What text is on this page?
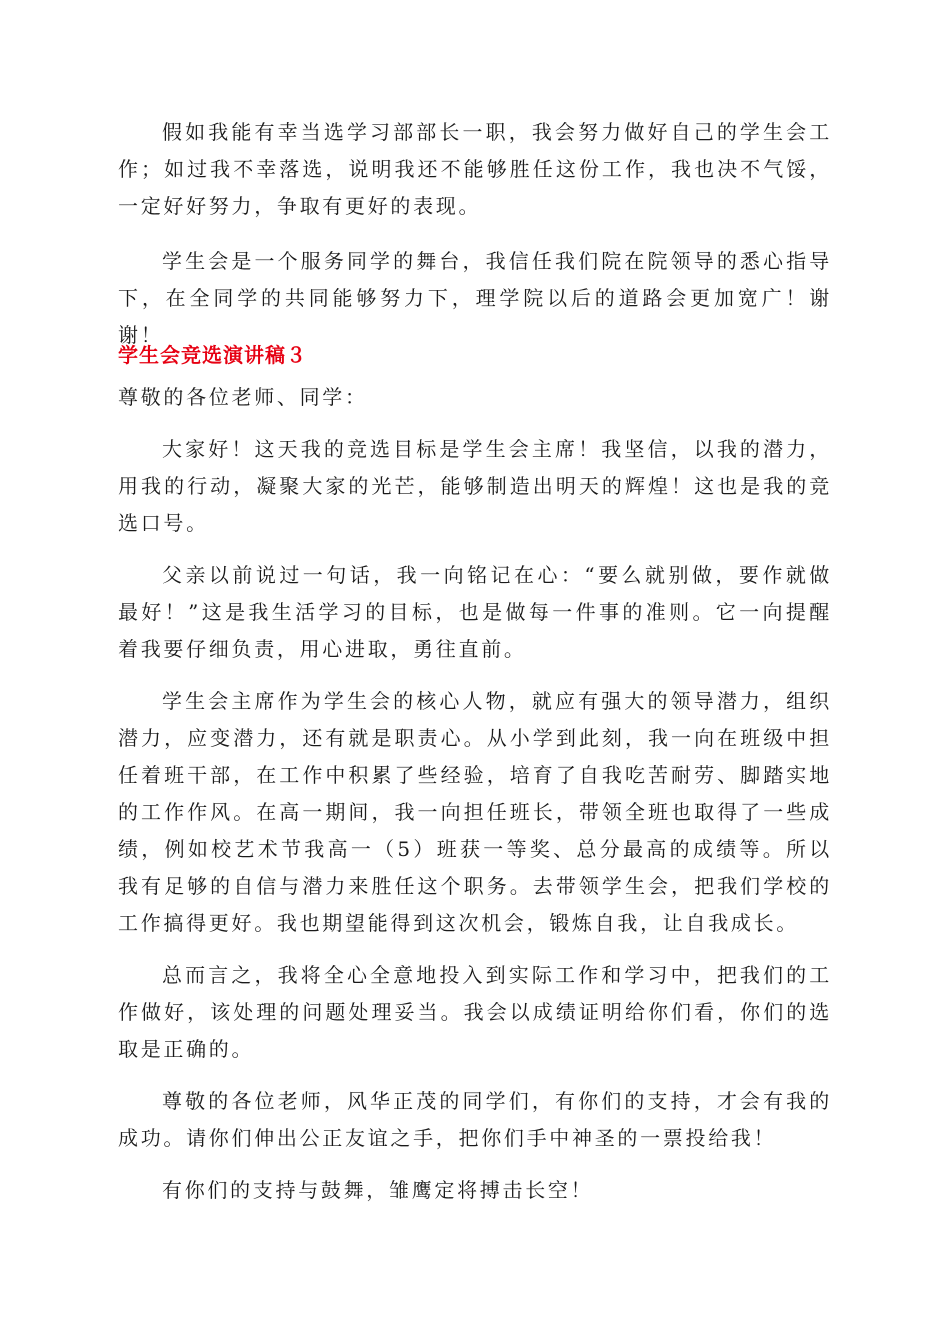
假如我能有幸当选学习部部长一职，我会努力做好自己的学生会工作；如过我不幸落选，说明我还不能够胜任这份工作，我也决不气馁，一定好好努力，争取有更好的表现。

学生会是一个服务同学的舞台，我信任我们院在院领导的悉心指导下，在全同学的共同能够努力下，理学院以后的道路会更加宽广！谢谢！

学生会竞选演讲稿３

尊敬的各位老师、同学：

大家好！这天我的竞选目标是学生会主席！我坚信，以我的潜力，用我的行动，凝聚大家的光芒，能够制造出明天的辉煌！这也是我的竞选口号。

父亲以前说过一句话，我一向铭记在心：“要么就别做，要作就做最好！”这是我生活学习的目标，也是做每一件事的准则。它一向提醒着我要仔细负责，用心进取，勇往直前。

学生会主席作为学生会的核心人物，就应有强大的领导潜力，组织潜力，应变潜力，还有就是职责心。从小学到此刻，我一向在班级中担任着班干部，在工作中积累了些经验，培育了自我吃苦耐劳、脚踏实地的工作作风。在高一期间，我一向担任班长，带领全班也取得了一些成绩，例如校艺术节我高一（5）班获一等奖、总分最高的成绩等。所以我有足够的自信与潜力来胜任这个职务。去带领学生会，把我们学校的工作搞得更好。我也期望能得到这次机会，锻炼自我，让自我成长。

总而言之，我将全心全意地投入到实际工作和学习中，把我们的工作做好，该处理的问题处理妥当。我会以成绩证明给你们看，你们的选取是正确的。

尊敬的各位老师，风华正茂的同学们，有你们的支持，才会有我的成功。请你们伸出公正友谊之手，把你们手中神圣的一票投给我！

有你们的支持与鼓舞，雏鹰定将搏击长空！
